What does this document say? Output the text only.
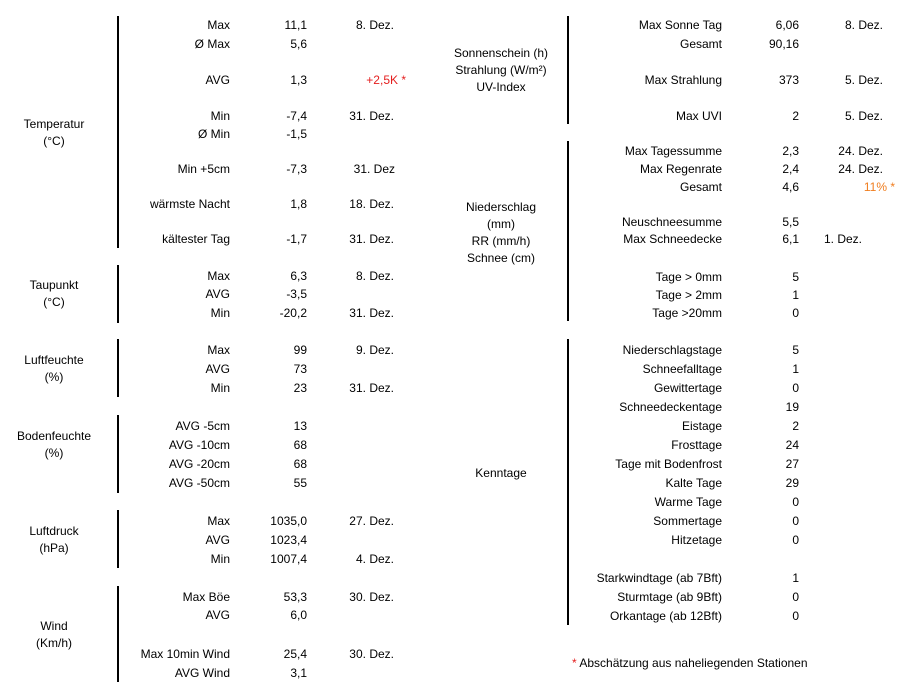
Temperatur
(°C)
Max	11,1	8. Dez.
Ø Max	5,6
AVG	1,3	+2,5K *
Min	-7,4	31. Dez.
Ø Min	-1,5
Min +5cm	-7,3	31. Dez
wärmste Nacht	1,8	18. Dez.
kältester Tag	-1,7	31. Dez.
Taupunkt
(°C)
Max	6,3	8. Dez.
AVG	-3,5
Min	-20,2	31. Dez.
Luftfeuchte
(%)
Max	99	9. Dez.
AVG	73
Min	23	31. Dez.
Bodenfeuchte
(%)
AVG -5cm	13
AVG -10cm	68
AVG -20cm	68
AVG -50cm	55
Luftdruck
(hPa)
Max	1035,0	27. Dez.
AVG	1023,4
Min	1007,4	4. Dez.
Wind
(Km/h)
Max Böe	53,3	30. Dez.
AVG	6,0
Max 10min Wind	25,4	30. Dez.
AVG Wind	3,1
Sonnenschein (h)
Strahlung (W/m²)
UV-Index
Max Sonne Tag	6,06	8. Dez.
Gesamt	90,16
Max Strahlung	373	5. Dez.
Max UVI	2	5. Dez.
Niederschlag
(mm)
RR (mm/h)
Schnee (cm)
Max Tagessumme	2,3	24. Dez.
Max Regenrate	2,4	24. Dez.
Gesamt	4,6	11% *
Neuschneesumme	5,5
Max Schneedecke	6,1 1. Dez.
Tage > 0mm	5
Tage > 2mm	1
Tage >20mm	0
Kenntage
Niederschlagstage	5
Schneefalltage	1
Gewittertage	0
Schneedeckentage	19
Eistage	2
Frosttage	24
Tage mit Bodenfrost	27
Kalte Tage	29
Warme Tage	0
Sommertage	0
Hitzetage	0
Starkwindtage (ab 7Bft)	1
Sturmtage (ab 9Bft)	0
Orkantage (ab 12Bft)	0
* Abschätzung aus naheliegenden Stationen
